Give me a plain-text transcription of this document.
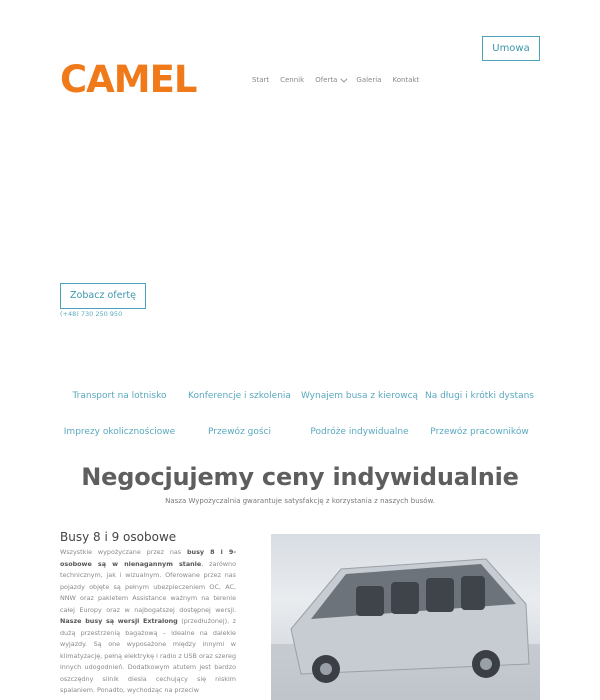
Umowa
CAMEL	Start Cennik Oferta	Galeria Kontakt
Zobacz ofertę
(+48) 730 250 950
Transport na lotnisko	Konferencje i szkolenia	Wynajem busa z kierowcą Na długi i krótki dystans
Imprezy okolicznościowe	Przewóz gości	Podróże indywidualne	Przewóz pracowników
Negocjujemy ceny indywidualnie
Nasza Wypożyczalnia gwarantuje satysfakcję z korzystania z naszych busów.
Busy 8 i 9 osobowe
Wszystkie wypożyczane przez nas busy 8 i 9-osobowe są w nienagannym stanie, zarówno technicznym, jak i wizualnym. Oferowane przez nas pojazdy objęte są pełnym ubezpieczeniem OC, AC, NNW oraz pakietem Assistance ważnym na terenie całej Europy oraz w najbogatszej dostępnej wersji. Nasze busy są wersji Extralong (przedłużonej), z dużą przestrzenią bagażową – idealne na dalekie wyjazdy. Są one wyposażone między innymi w klimatyzację, pełną elektrykę i radio z USB oraz szereg innych udogodnień. Dodatkowym atutem jest bardzo oszczędny silnik diesla cechujący się niskim spalaniem. Ponadto, wychodząc na przeciw
